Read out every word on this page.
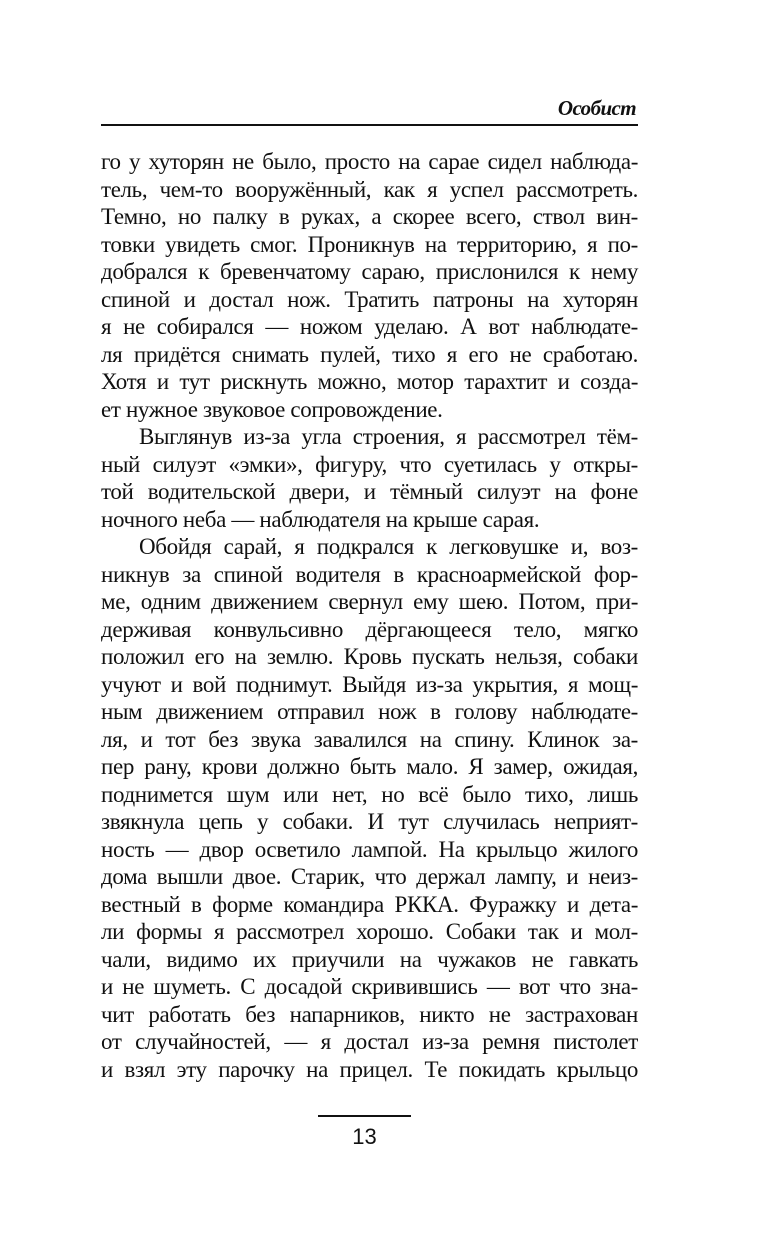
Особист
го у хуторян не было, просто на сарае сидел наблюда-
тель, чем-то вооружённый, как я успел рассмотреть.
Темно, но палку в руках, а скорее всего, ствол вин-
товки увидеть смог. Проникнув на территорию, я по-
добрался к бревенчатому сараю, прислонился к нему
спиной и достал нож. Тратить патроны на хуторян
я не собирался — ножом уделаю. А вот наблюдате-
ля придётся снимать пулей, тихо я его не сработаю.
Хотя и тут рискнуть можно, мотор тарахтит и созда-
ет нужное звуковое сопровождение.
Выглянув из-за угла строения, я рассмотрел тём-
ный силуэт «эмки», фигуру, что суетилась у откры-
той водительской двери, и тёмный силуэт на фоне
ночного неба — наблюдателя на крыше сарая.
Обойдя сарай, я подкрался к легковушке и, воз-
никнув за спиной водителя в красноармейской фор-
ме, одним движением свернул ему шею. Потом, при-
держивая конвульсивно дёргающееся тело, мягко
положил его на землю. Кровь пускать нельзя, собаки
учуют и вой поднимут. Выйдя из-за укрытия, я мощ-
ным движением отправил нож в голову наблюдате-
ля, и тот без звука завалился на спину. Клинок за-
пер рану, крови должно быть мало. Я замер, ожидая,
поднимется шум или нет, но всё было тихо, лишь
звякнула цепь у собаки. И тут случилась неприят-
ность — двор осветило лампой. На крыльцо жилого
дома вышли двое. Старик, что держал лампу, и неиз-
вестный в форме командира РККА. Фуражку и дета-
ли формы я рассмотрел хорошо. Собаки так и мол-
чали, видимо их приучили на чужаков не гавкать
и не шуметь. С досадой скривившись — вот что зна-
чит работать без напарников, никто не застрахован
от случайностей, — я достал из-за ремня пистолет
и взял эту парочку на прицел. Те покидать крыльцо
13
